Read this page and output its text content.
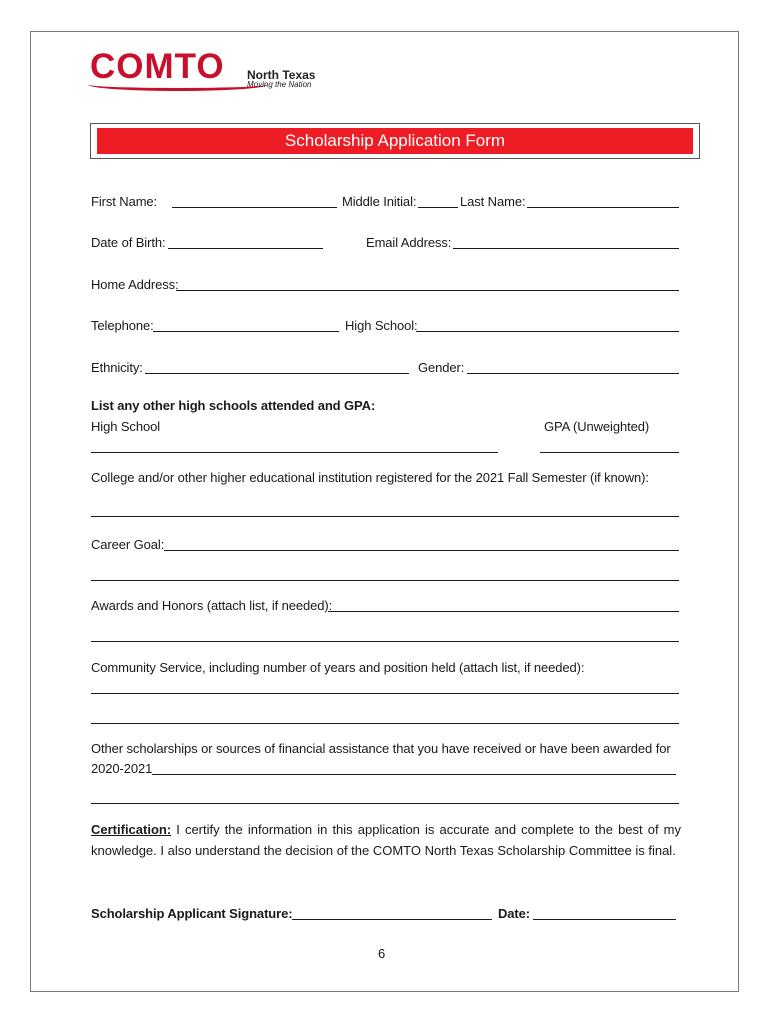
COMTO North Texas
Moving the Nation
Scholarship Application Form
First Name:	Middle Initial:	Last Name:
Date of Birth:	Email Address:
Home Address:
Telephone:	High School:
Ethnicity:	Gender:
List any other high schools attended and GPA:
High School	GPA (Unweighted)
College and/or other higher educational institution registered for the 2021 Fall Semester (if known):
Career Goal:
Awards and Honors (attach list, if needed):
Community Service, including number of years and position held (attach list, if needed):
Other scholarships or sources of financial assistance that you have received or have been awarded for
2020-2021
Certification: I certify the information in this application is accurate and complete to the best of my knowledge. I also understand the decision of the COMTO North Texas Scholarship Committee is final.
Scholarship Applicant Signature:	Date:
6
